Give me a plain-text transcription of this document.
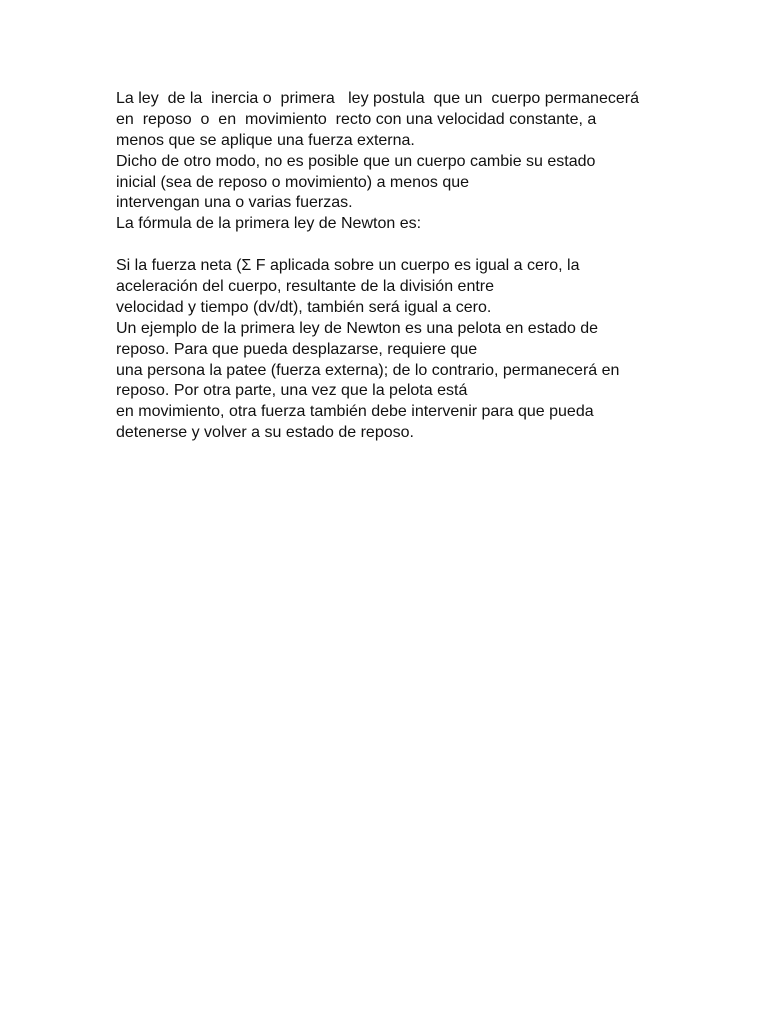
La ley  de la  inercia o  primera   ley postula  que un  cuerpo permanecerá
en  reposo  o  en  movimiento  recto con una velocidad constante, a
menos que se aplique una fuerza externa.
Dicho de otro modo, no es posible que un cuerpo cambie su estado
inicial (sea de reposo o movimiento) a menos que
intervengan una o varias fuerzas.
La fórmula de la primera ley de Newton es:
Si la fuerza neta (Σ F aplicada sobre un cuerpo es igual a cero, la
aceleración del cuerpo, resultante de la división entre
velocidad y tiempo (dv/dt), también será igual a cero.
Un ejemplo de la primera ley de Newton es una pelota en estado de
reposo. Para que pueda desplazarse, requiere que
una persona la patee (fuerza externa); de lo contrario, permanecerá en
reposo. Por otra parte, una vez que la pelota está
en movimiento, otra fuerza también debe intervenir para que pueda
detenerse y volver a su estado de reposo.
